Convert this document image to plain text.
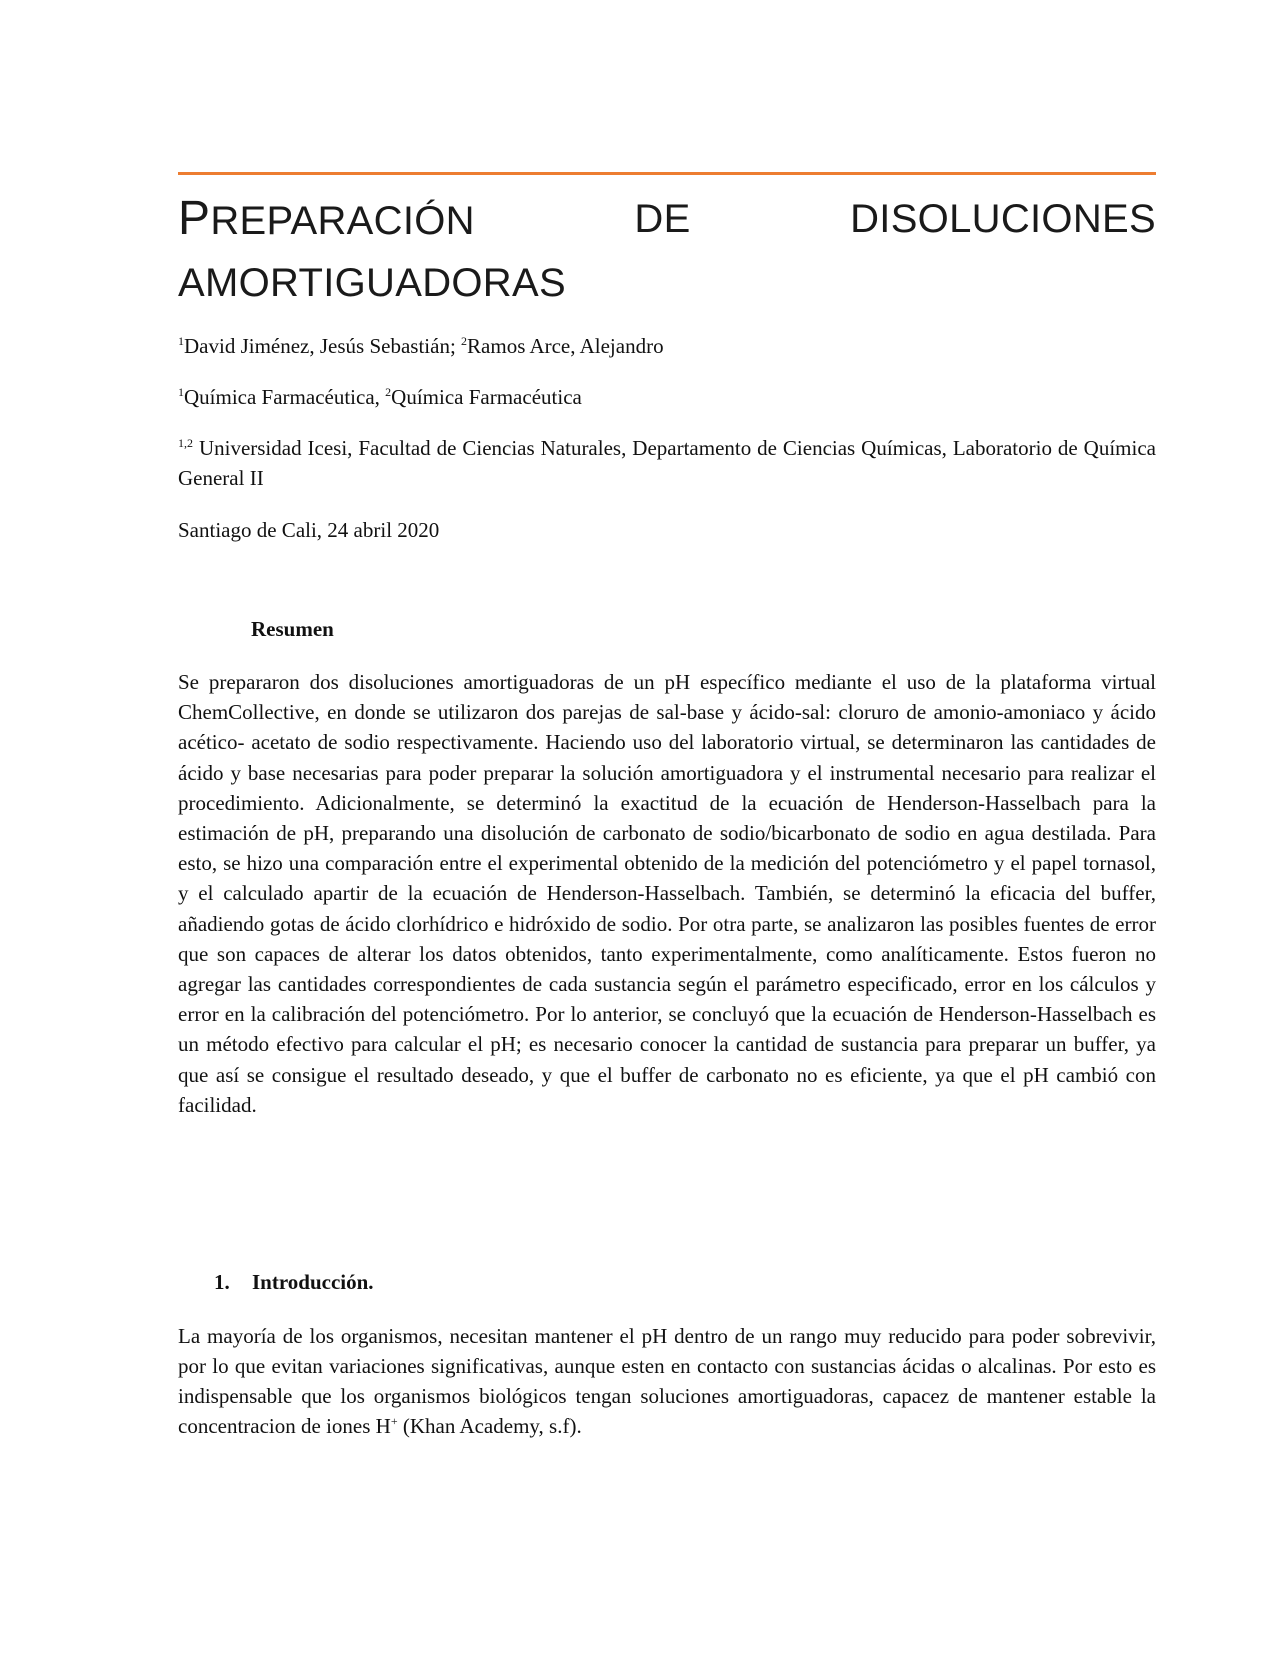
PREPARACIÓN	DE	DISOLUCIONES
AMORTIGUADORAS

$^1$David Jiménez, Jesús Sebastián; $^2$Ramos Arce, Alejandro

$^1$Química Farmacéutica, $^2$Química Farmacéutica

$^{1,2}$ Universidad Icesi, Facultad de Ciencias Naturales, Departamento de Ciencias Químicas, Laboratorio de Química General II

Santiago de Cali, 24 abril 2020

Resumen

Se prepararon dos disoluciones amortiguadoras de un pH específico mediante el uso de la plataforma virtual ChemCollective, en donde se utilizaron dos parejas de sal-base y ácido-sal: cloruro de amonio-amoniaco y ácido acético- acetato de sodio respectivamente. Haciendo uso del laboratorio virtual, se determinaron las cantidades de ácido y base necesarias para poder preparar la solución amortiguadora y el instrumental necesario para realizar el procedimiento. Adicionalmente, se determinó la exactitud de la ecuación de Henderson-Hasselbach para la estimación de pH, preparando una disolución de carbonato de sodio/bicarbonato de sodio en agua destilada. Para esto, se hizo una comparación entre el experimental obtenido de la medición del potenciómetro y el papel tornasol, y el calculado apartir de la ecuación de Henderson-Hasselbach. También, se determinó la eficacia del buffer, añadiendo gotas de ácido clorhídrico e hidróxido de sodio. Por otra parte, se analizaron las posibles fuentes de error que son capaces de alterar los datos obtenidos, tanto experimentalmente, como analíticamente. Estos fueron no agregar las cantidades correspondientes de cada sustancia según el parámetro especificado, error en los cálculos y error en la calibración del potenciómetro. Por lo anterior, se concluyó que la ecuación de Henderson-Hasselbach es un método efectivo para calcular el pH; es necesario conocer la cantidad de sustancia para preparar un buffer, ya que así se consigue el resultado deseado, y que el buffer de carbonato no es eficiente, ya que el pH cambió con facilidad.

1. Introducción.

La mayoría de los organismos, necesitan mantener el pH dentro de un rango muy reducido para poder sobrevivir, por lo que evitan variaciones significativas, aunque esten en contacto con sustancias ácidas o alcalinas. Por esto es indispensable que los organismos biológicos tengan soluciones amortiguadoras, capacez de mantener estable la concentracion de iones H+ (Khan Academy, s.f).
